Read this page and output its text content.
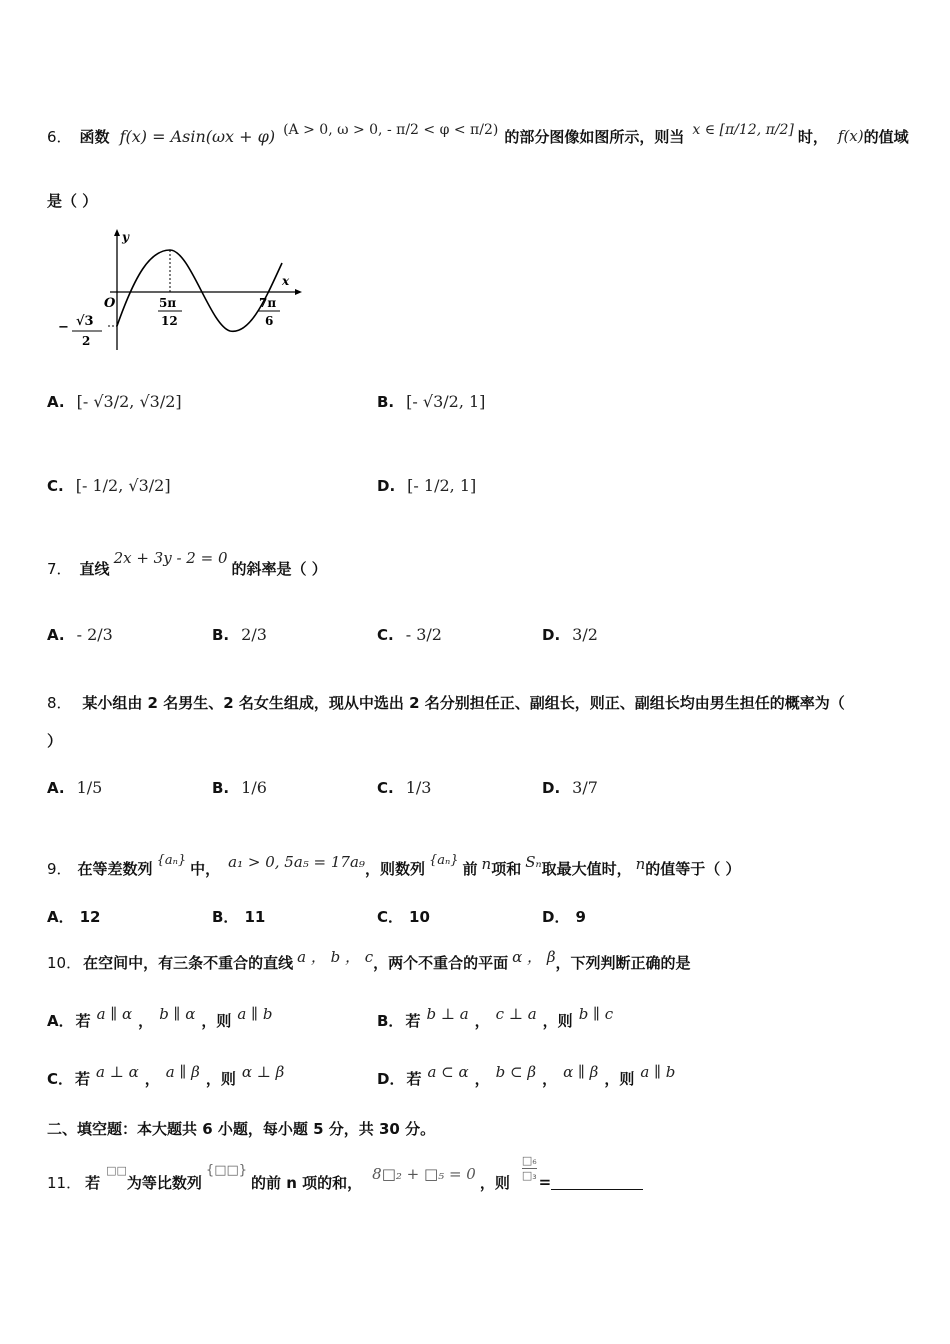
6． 函数 f(x) = Asin(ωx + φ) (A > 0, ω > 0, - π/2 < φ < π/2) 的部分图像如图所示，则当 x ∈ [π/12, π/2] 时， f(x) 的值域
是（ ）
y
x
O	5π
12
7π
6
− √3
2
A. [- √3/2, √3/2]	B. [- √3/2, 1]
C. [- 1/2, √3/2]	D. [- 1/2, 1]
7． 直线
2x + 3y - 2 = 0
的斜率是（ ）
A. - 2/3	B. 2/3	C. - 3/2	D. 3/2
8． 某小组由 2 名男生、2 名女生组成，现从中选出 2 名分别担任正、副组长，则正、副组长均由男生担任的概率为（
）
A. 1/5	B. 1/6	C. 1/3	D. 3/7
9． 在等差数列 {aₙ} 中， a₁ > 0, 5a₅ = 17a₉ ，则数列 {aₙ} 前 n 项和 Sₙ 取最大值时， n 的值等于（ ）
A． 12	B． 11	C． 10	D． 9
10． 在空间中，有三条不重合的直线 a ， b ， c ，两个不重合的平面 α ， β ，下列判断正确的是
A． 若 a ∥ α ， b ∥ α ， 则 a ∥ b	B． 若 b ⊥ a ， c ⊥ a ， 则 b ∥ c
C． 若 a ⊥ α ， a ∥ β ， 则 α ⊥ β	D． 若 a ⊂ α ， b ⊂ β ， α ∥ β ， 则 a ∥ b
二、填空题：本大题共 6 小题，每小题 5 分，共 30 分。
11． 若
□□
为等比数列
{□□}
的前 n 项的和， 8□₂ + □₅ = 0 ，则
□₆
□₃ =
